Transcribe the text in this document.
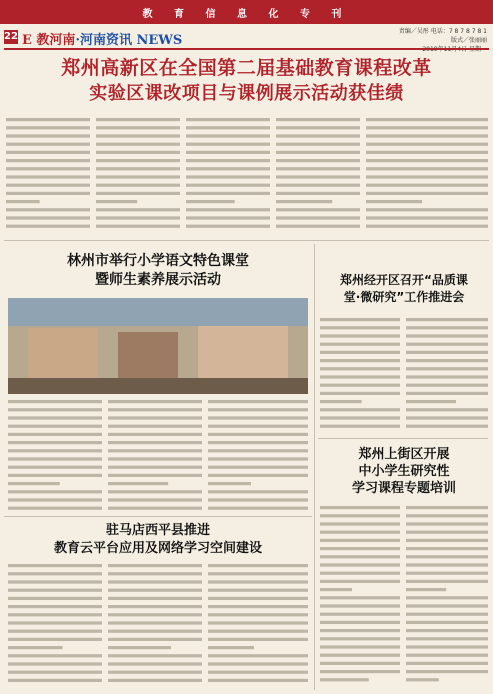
教 育 信 息 化 专 刊
22 E 教河南·河南资讯 NEWS
责编／吴彤 电话：7 8 7 8 7 8 1
版式／张丽丽
郑州高新区在全国第二届基础教育课程改革
实验区课改项目与课例展示活动获佳绩
林州市举行小学语文特色课堂
暨师生素养展示活动	郑州经开区召开“品质课
堂·微研究”工作推进会
郑州上街区开展
中小学生研究性
学习课程专题培训
驻马店西平县推进
教育云平台应用及网络学习空间建设
